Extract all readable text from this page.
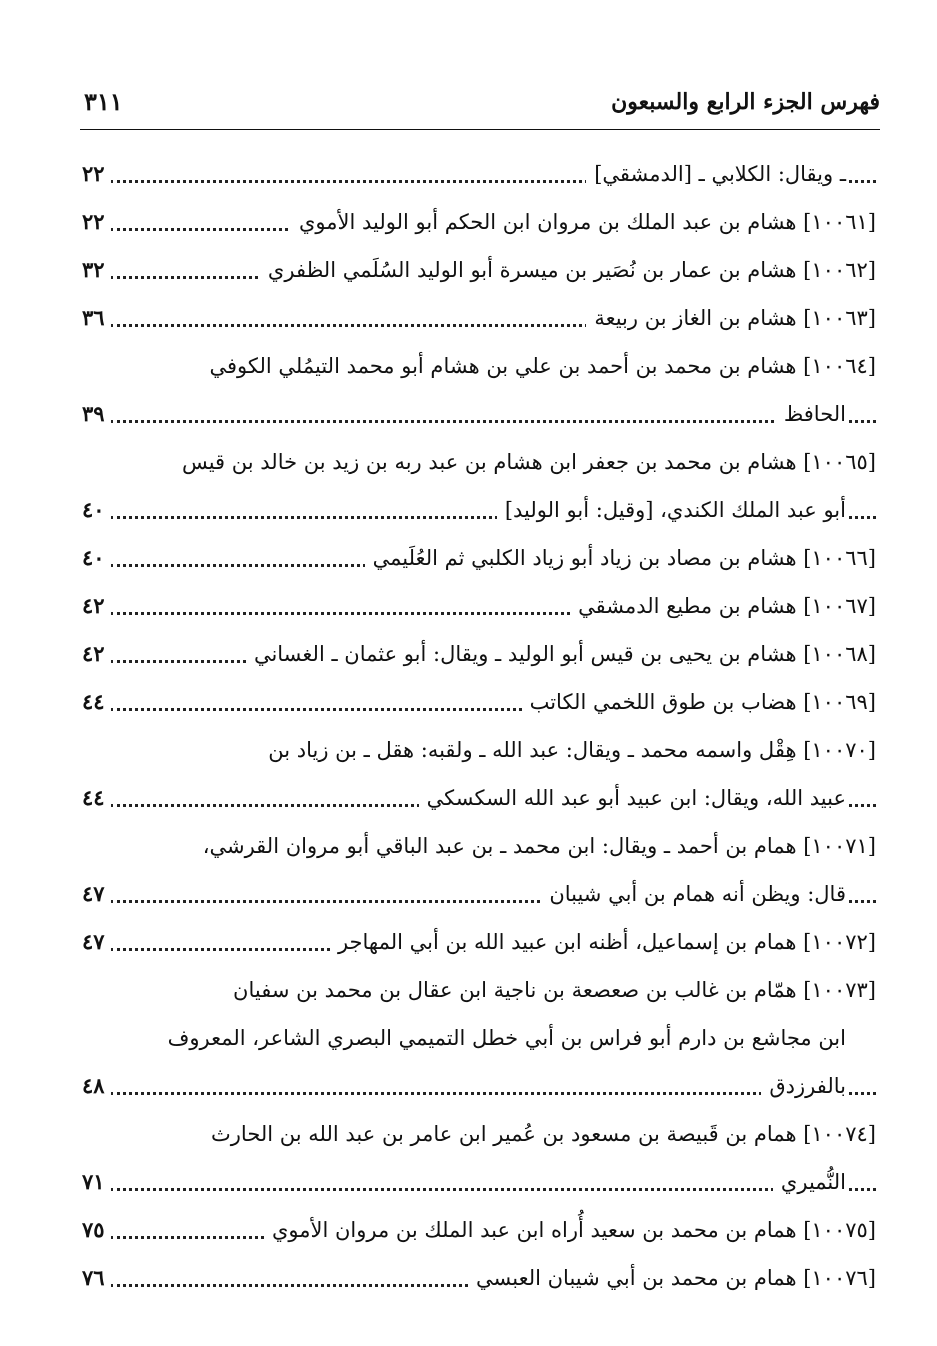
٣١١	فهرس الجزء الرابع والسبعون
ـ ويقال: الكلابي ـ [الدمشقي]
٢٢
[١٠٠٦١] هشام بن عبد الملك بن مروان ابن الحكم أبو الوليد الأموي
٢٢
[١٠٠٦٢] هشام بن عمار بن نُصَير بن ميسرة أبو الوليد السُلَمي الظفري
٣٢
[١٠٠٦٣] هشام بن الغاز بن ربيعة
٣٦
[١٠٠٦٤] هشام بن محمد بن أحمد بن علي بن هشام أبو محمد التيمُلي الكوفي
الحافظ
٣٩
[١٠٠٦٥] هشام بن محمد بن جعفر ابن هشام بن عبد ربه بن زيد بن خالد بن قيس
أبو عبد الملك الكندي، [وقيل: أبو الوليد]
٤٠
[١٠٠٦٦] هشام بن مصاد بن زياد أبو زياد الكلبي ثم العُلَيمي
٤٠
[١٠٠٦٧] هشام بن مطيع الدمشقي
٤٢
[١٠٠٦٨] هشام بن يحيى بن قيس أبو الوليد ـ ويقال: أبو عثمان ـ الغساني
٤٢
[١٠٠٦٩] هضاب بن طوق اللخمي الكاتب
٤٤
[١٠٠٧٠] هِقْل واسمه محمد ـ ويقال: عبد الله ـ ولقبه: هقل ـ بن زياد بن
عبيد الله، ويقال: ابن عبيد أبو عبد الله السكسكي
٤٤
[١٠٠٧١] همام بن أحمد ـ ويقال: ابن محمد ـ بن عبد الباقي أبو مروان القرشي،
قال: ويظن أنه همام بن أبي شيبان
٤٧
[١٠٠٧٢] همام بن إسماعيل، أظنه ابن عبيد الله بن أبي المهاجر
٤٧
[١٠٠٧٣] همّام بن غالب بن صعصعة بن ناجية ابن عقال بن محمد بن سفيان
ابن مجاشع بن دارم أبو فراس بن أبي خطل التميمي البصري الشاعر، المعروف
بالفرزدق
٤٨
[١٠٠٧٤] همام بن قَبيصة بن مسعود بن عُمير ابن عامر بن عبد الله بن الحارث
النُّميري
٧١
[١٠٠٧٥] همام بن محمد بن سعيد أُراه ابن عبد الملك بن مروان الأموي
٧٥
[١٠٠٧٦] همام بن محمد بن أبي شيبان العبسي
٧٦
